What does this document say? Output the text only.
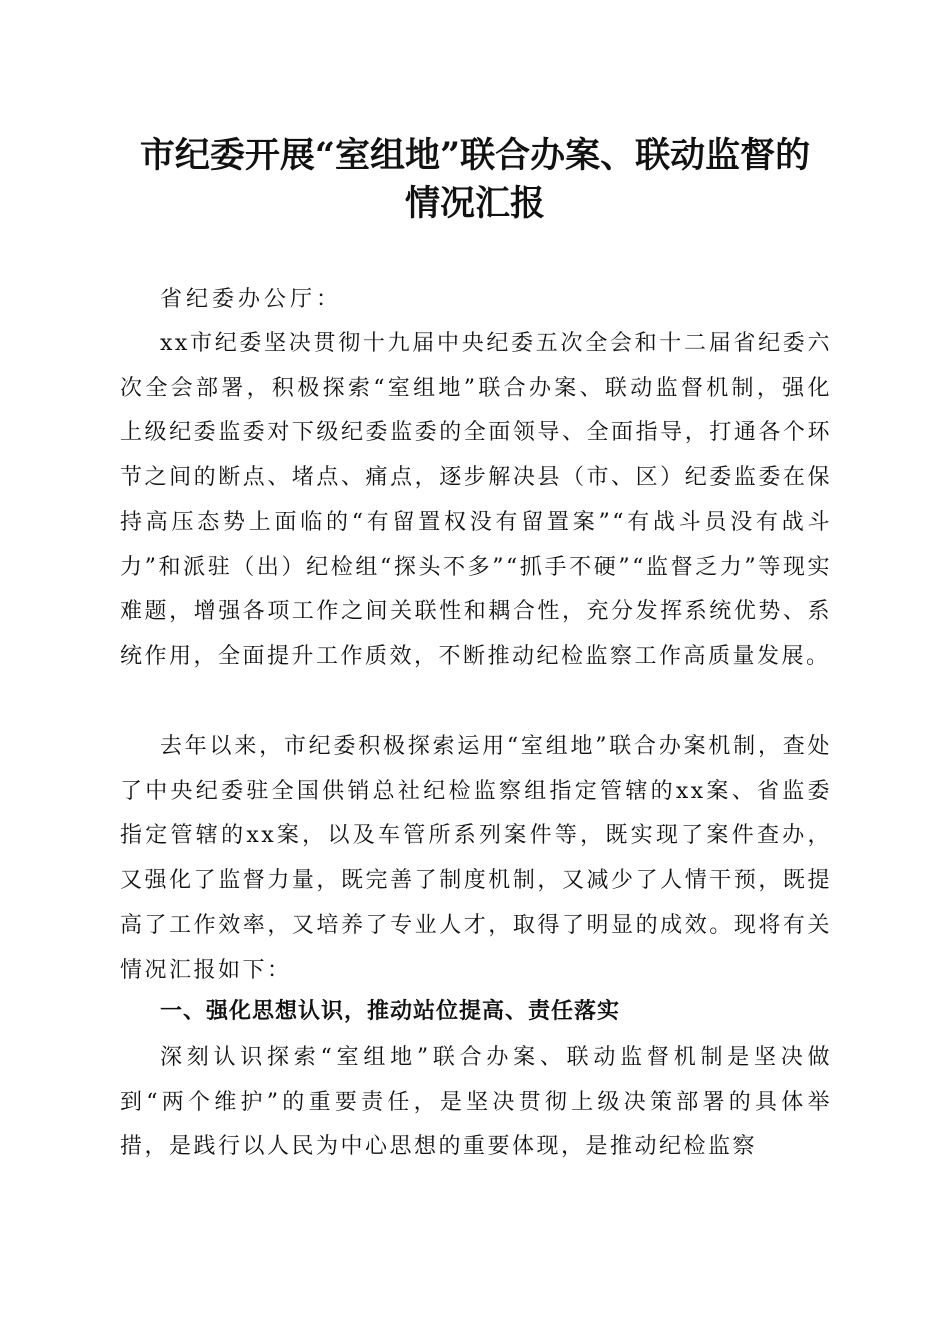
市纪委开展“室组地”联合办案、联动监督的
情况汇报

省纪委办公厅：

xx市纪委坚决贯彻十九届中央纪委五次全会和十二届省纪委六次全会部署，积极探索“室组地”联合办案、联动监督机制，强化上级纪委监委对下级纪委监委的全面领导、全面指导，打通各个环节之间的断点、堵点、痛点，逐步解决县（市、区）纪委监委在保持高压态势上面临的“有留置权没有留置案”“有战斗员没有战斗力”和派驻（出）纪检组“探头不多”“抓手不硬”“监督乏力”等现实难题，增强各项工作之间关联性和耦合性，充分发挥系统优势、系统作用，全面提升工作质效，不断推动纪检监察工作高质量发展。

去年以来，市纪委积极探索运用“室组地”联合办案机制，查处了中央纪委驻全国供销总社纪检监察组指定管辖的xx案、省监委指定管辖的xx案，以及车管所系列案件等，既实现了案件查办，又强化了监督力量，既完善了制度机制，又减少了人情干预，既提高了工作效率，又培养了专业人才，取得了明显的成效。现将有关情况汇报如下：

一、强化思想认识，推动站位提高、责任落实

深刻认识探索“室组地”联合办案、联动监督机制是坚决做到“两个维护”的重要责任，是坚决贯彻上级决策部署的具体举措，是践行以人民为中心思想的重要体现，是推动纪检监察
